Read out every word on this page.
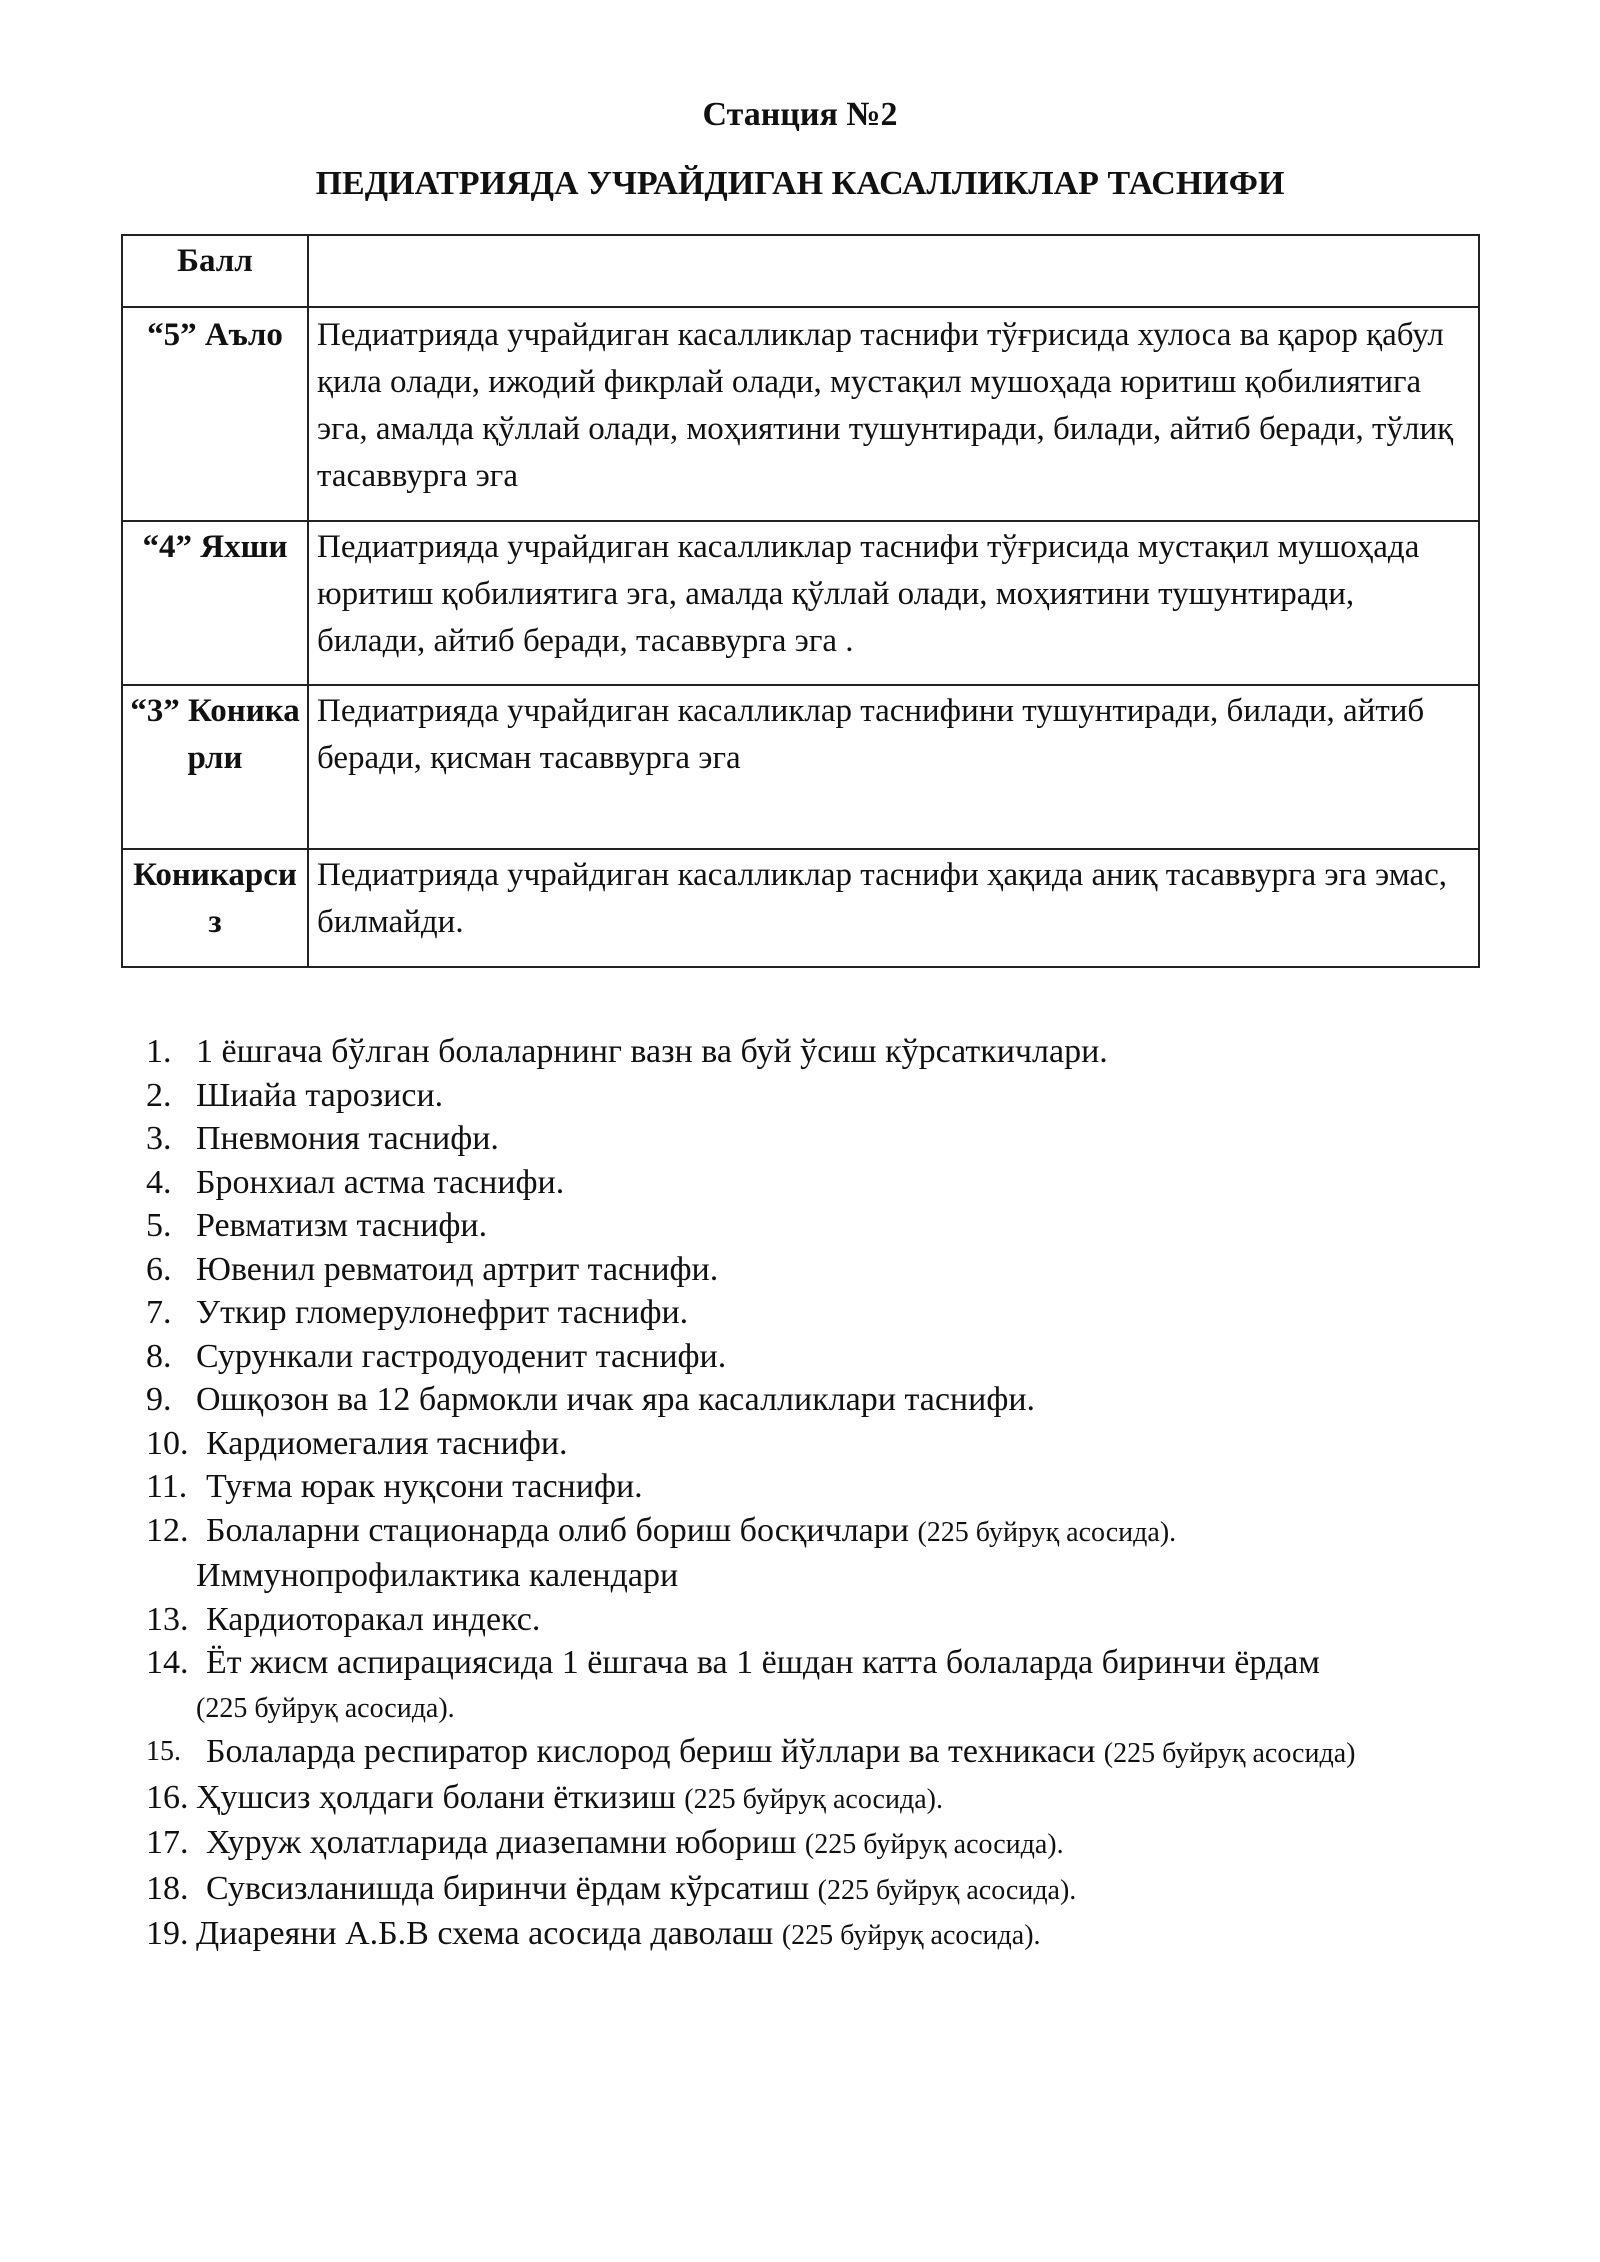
Станция №2
ПЕДИАТРИЯДА УЧРАЙДИГАН КАСАЛЛИКЛАР ТАСНИФИ
Балл	
“5” Аъло	Педиатрияда учрайдиган касалликлар таснифи тўғрисида хулоса ва қарор қабул қила олади, ижодий фикрлай олади, мустақил мушоҳада юритиш қобилиятига эга, амалда қўллай олади, моҳиятини тушунтиради, билади, айтиб беради, тўлиқ тасаввурга эга
“4” Яхши	Педиатрияда учрайдиган касалликлар таснифи тўғрисида мустақил мушоҳада юритиш қобилиятига эга, амалда қўллай олади, моҳиятини тушунтиради, билади, айтиб беради, тасаввурга эга .
“3” Коникарли	Педиатрияда учрайдиган касалликлар таснифини тушунтиради, билади, айтиб беради, қисман тасаввурга эга
Коникарсиз	Педиатрияда учрайдиган касалликлар таснифи ҳақида аниқ тасаввурга эга эмас, билмайди.
1. 1 ёшгача бўлган болаларнинг вазн ва буй ўсиш кўрсаткичлари.
2. Шиайа тарозиси.
3. Пневмония таснифи.
4. Бронхиал астма таснифи.
5. Ревматизм таснифи.
6. Ювенил ревматоид артрит таснифи.
7. Уткир гломерулонефрит таснифи.
8. Сурункали гастродуоденит таснифи.
9. Ошқозон ва 12 бармокли ичак яра касалликлари таснифи.
10. Кардиомегалия таснифи.
11. Туғма юрак нуқсони таснифи.
12. Болаларни стационарда олиб бориш босқичлари (225 буйруқ асосида).
Иммунопрофилактика календари
13. Кардиоторакал индекс.
14. Ёт жисм аспирациясида 1 ёшгача ва 1 ёшдан катта болаларда биринчи ёрдам
(225 буйруқ асосида).
15. Болаларда респиратор кислород бериш йўллари ва техникаси (225 буйруқ асосида)
16. Ҳушсиз ҳолдаги болани ёткизиш (225 буйруқ асосида).
17. Хуруж ҳолатларида диазепамни юбориш (225 буйруқ асосида).
18. Сувсизланишда биринчи ёрдам кўрсатиш (225 буйруқ асосида).
19. Диареяни А.Б.В схема асосида даволаш (225 буйруқ асосида).
